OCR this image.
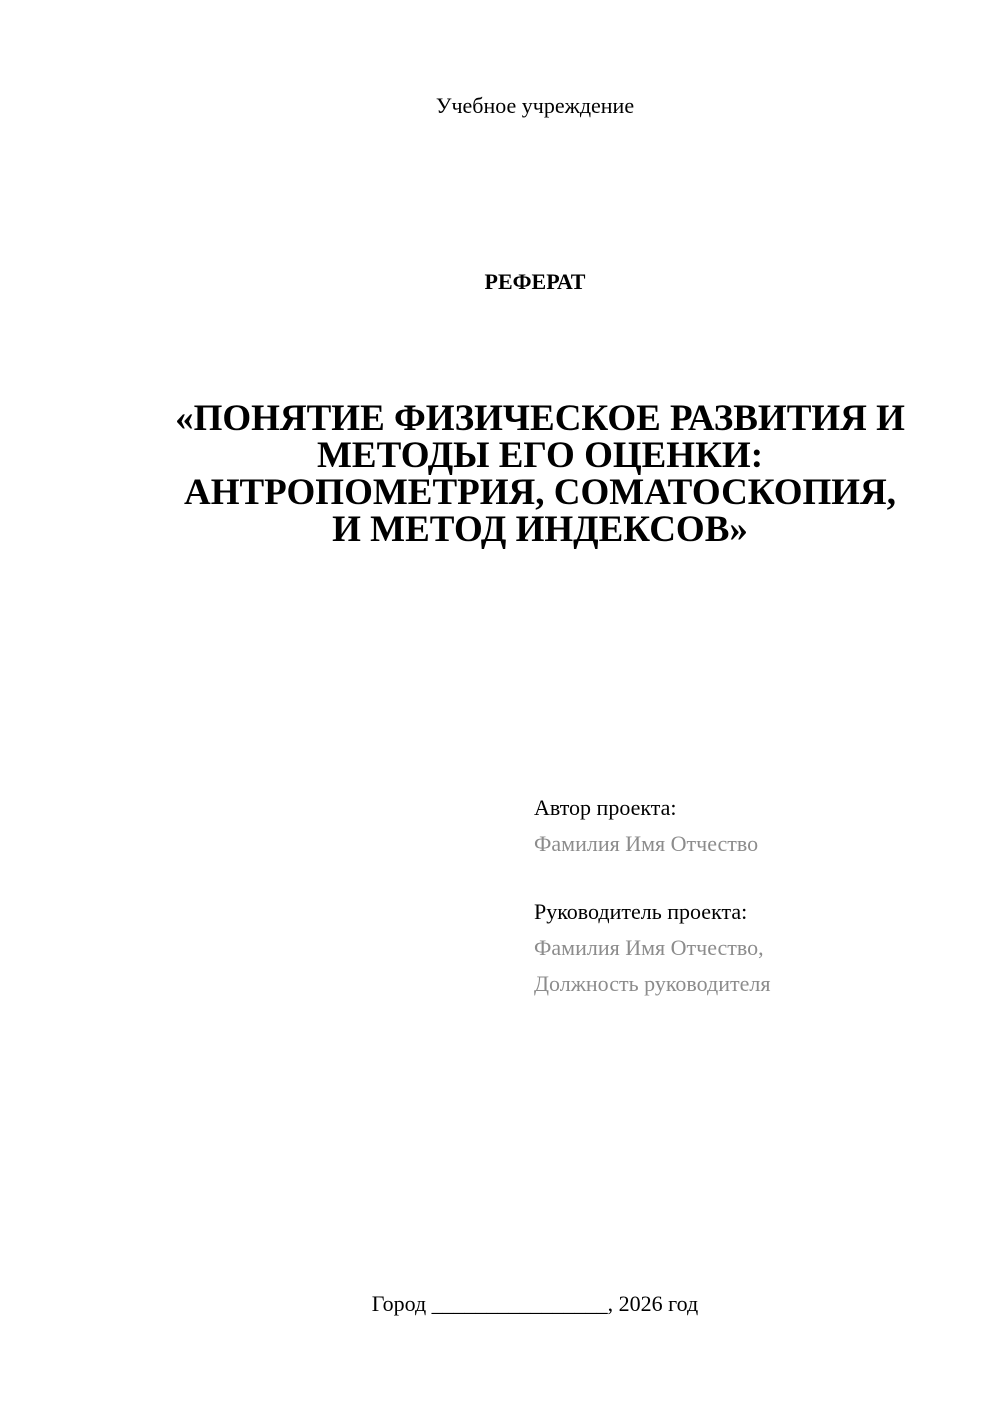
Учебное учреждение
РЕФЕРАТ
«ПОНЯТИЕ ФИЗИЧЕСКОЕ РАЗВИТИЯ И
МЕТОДЫ ЕГО ОЦЕНКИ:
АНТРОПОМЕТРИЯ, СОМАТОСКОПИЯ,
И МЕТОД ИНДЕКСОВ»
Автор проекта:
Фамилия Имя Отчество
Руководитель проекта:
Фамилия Имя Отчество,
Должность руководителя
Город ________________, 2026 год
